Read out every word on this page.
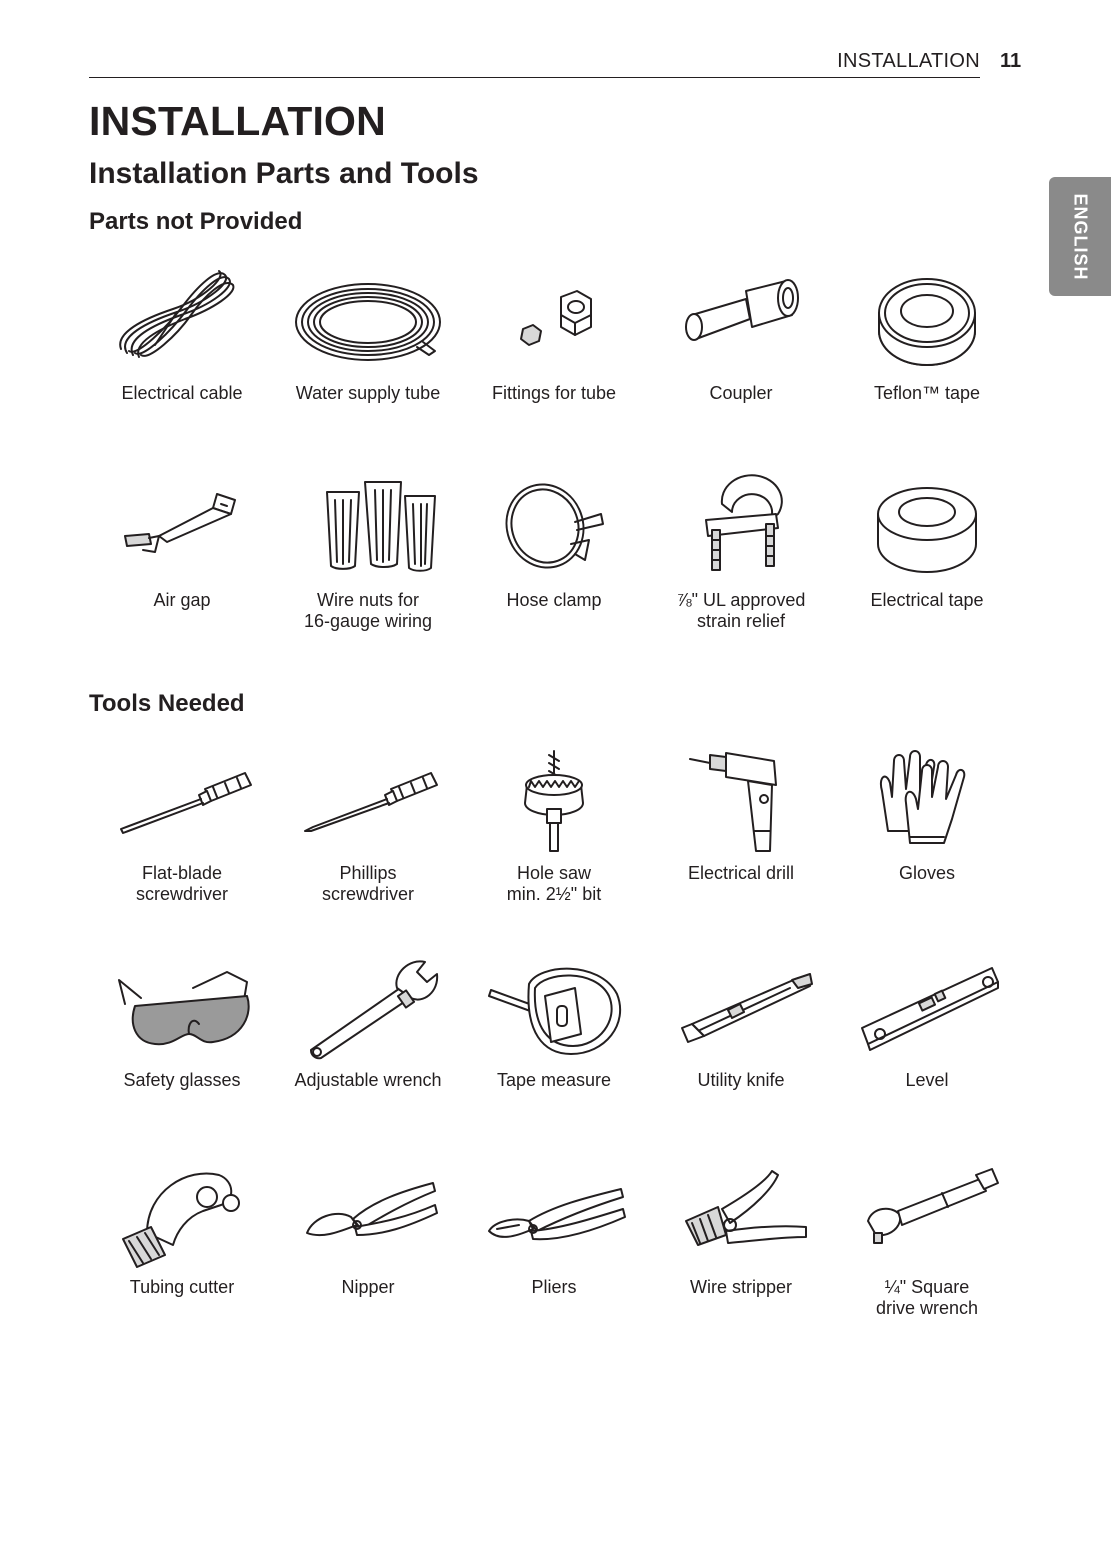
INSTALLATION 11
ENGLISH
INSTALLATION
Installation Parts and Tools
Parts not Provided
Tools Needed
Electrical cable	Water supply tube	Fittings for tube	Coupler	Teflon™ tape
Air gap	Wire nuts for
16-gauge wiring
Hose clamp	⅞" UL approved
strain relief
Electrical tape
Flat-blade
screwdriver
Phillips
screwdriver
Hole saw
min. 2½" bit
Electrical drill	Gloves
Safety glasses	Adjustable wrench	Tape measure	Utility knife	Level
Tubing cutter	Nipper	Pliers	Wire stripper	¼" Square
drive wrench
